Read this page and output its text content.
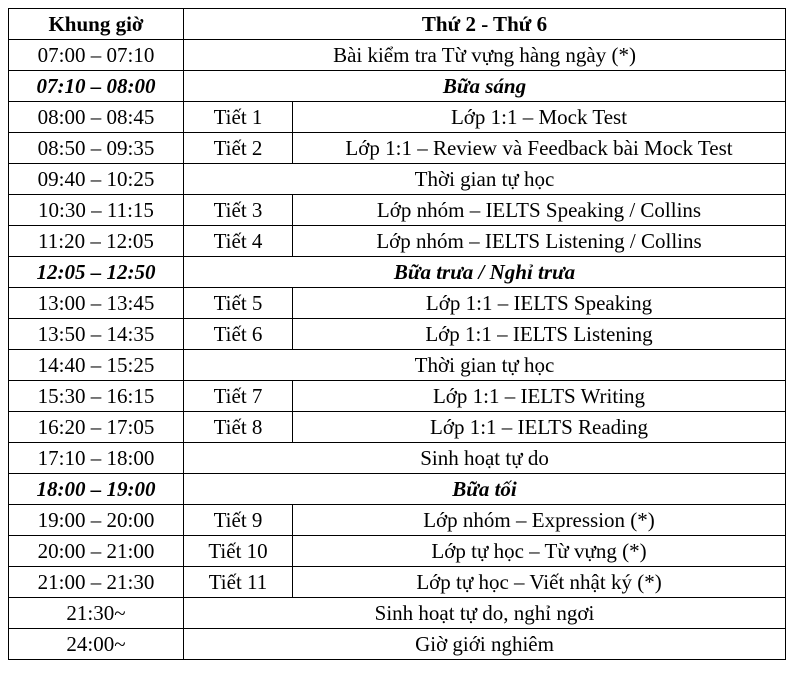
Khung giờ	Thứ 2 - Thứ 6	
07:00 – 07:10	Bài kiểm tra Từ vựng hàng ngày (*)	
07:10 – 08:00	Bữa sáng	
08:00 – 08:45	Tiết 1	Lớp 1:1 – Mock Test
08:50 – 09:35	Tiết 2	Lớp 1:1 – Review và Feedback bài Mock Test
09:40 – 10:25	Thời gian tự học	
10:30 – 11:15	Tiết 3	Lớp nhóm – IELTS Speaking / Collins
11:20 – 12:05	Tiết 4	Lớp nhóm – IELTS Listening / Collins
12:05 – 12:50	Bữa trưa / Nghỉ trưa	
13:00 – 13:45	Tiết 5	Lớp 1:1 – IELTS Speaking
13:50 – 14:35	Tiết 6	Lớp 1:1 – IELTS Listening
14:40 – 15:25	Thời gian tự học	
15:30 – 16:15	Tiết 7	Lớp 1:1 – IELTS Writing
16:20 – 17:05	Tiết 8	Lớp 1:1 – IELTS Reading
17:10 – 18:00	Sinh hoạt tự do	
18:00 – 19:00	Bữa tối	
19:00 – 20:00	Tiết 9	Lớp nhóm – Expression (*)
20:00 – 21:00	Tiết 10	Lớp tự học – Từ vựng (*)
21:00 – 21:30	Tiết 11	Lớp tự học – Viết nhật ký (*)
21:30~	Sinh hoạt tự do, nghỉ ngơi	
24:00~	Giờ giới nghiêm	
